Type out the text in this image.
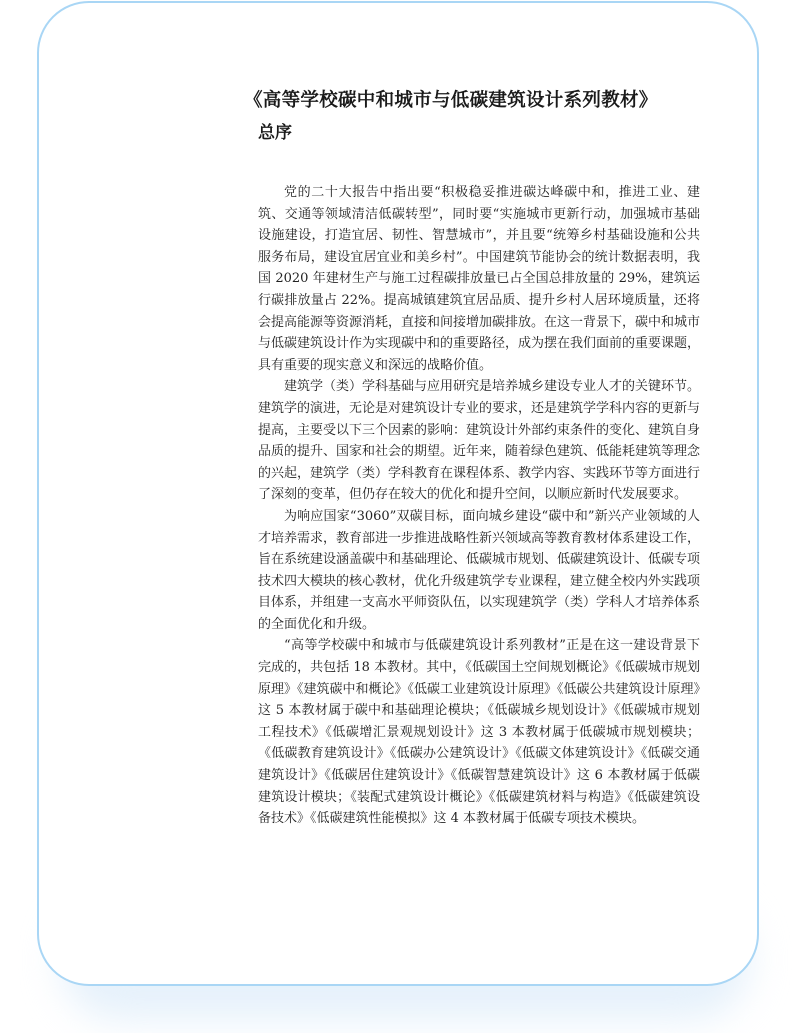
《高等学校碳中和城市与低碳建筑设计系列教材》
总序

党的二十大报告中指出要“积极稳妥推进碳达峰碳中和，推进工业、建筑、交通等领域清洁低碳转型”，同时要“实施城市更新行动，加强城市基础设施建设，打造宜居、韧性、智慧城市”，并且要“统筹乡村基础设施和公共服务布局，建设宜居宜业和美乡村”。中国建筑节能协会的统计数据表明，我国 2020 年建材生产与施工过程碳排放量已占全国总排放量的 29%，建筑运行碳排放量占 22%。提高城镇建筑宜居品质、提升乡村人居环境质量，还将会提高能源等资源消耗，直接和间接增加碳排放。在这一背景下，碳中和城市与低碳建筑设计作为实现碳中和的重要路径，成为摆在我们面前的重要课题，具有重要的现实意义和深远的战略价值。

建筑学（类）学科基础与应用研究是培养城乡建设专业人才的关键环节。建筑学的演进，无论是对建筑设计专业的要求，还是建筑学学科内容的更新与提高，主要受以下三个因素的影响：建筑设计外部约束条件的变化、建筑自身品质的提升、国家和社会的期望。近年来，随着绿色建筑、低能耗建筑等理念的兴起，建筑学（类）学科教育在课程体系、教学内容、实践环节等方面进行了深刻的变革，但仍存在较大的优化和提升空间，以顺应新时代发展要求。

为响应国家“3060”双碳目标，面向城乡建设“碳中和”新兴产业领域的人才培养需求，教育部进一步推进战略性新兴领域高等教育教材体系建设工作，旨在系统建设涵盖碳中和基础理论、低碳城市规划、低碳建筑设计、低碳专项技术四大模块的核心教材，优化升级建筑学专业课程，建立健全校内外实践项目体系，并组建一支高水平师资队伍，以实现建筑学（类）学科人才培养体系的全面优化和升级。

“高等学校碳中和城市与低碳建筑设计系列教材”正是在这一建设背景下完成的，共包括 18 本教材。其中，《低碳国土空间规划概论》《低碳城市规划原理》《建筑碳中和概论》《低碳工业建筑设计原理》《低碳公共建筑设计原理》这 5 本教材属于碳中和基础理论模块；《低碳城乡规划设计》《低碳城市规划工程技术》《低碳增汇景观规划设计》这 3 本教材属于低碳城市规划模块；《低碳教育建筑设计》《低碳办公建筑设计》《低碳文体建筑设计》《低碳交通建筑设计》《低碳居住建筑设计》《低碳智慧建筑设计》这 6 本教材属于低碳建筑设计模块；《装配式建筑设计概论》《低碳建筑材料与构造》《低碳建筑设备技术》《低碳建筑性能模拟》这 4 本教材属于低碳专项技术模块。
